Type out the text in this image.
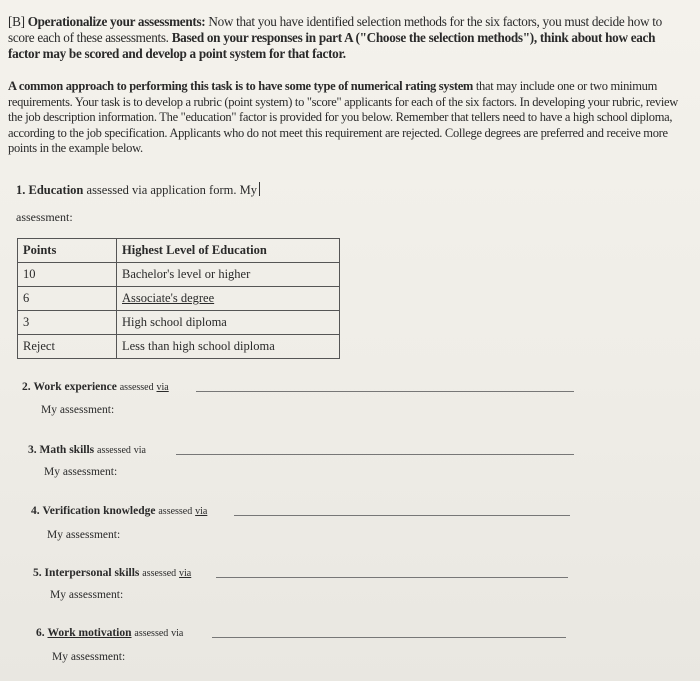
[B] Operationalize your assessments: Now that you have identified selection methods for the six factors, you must decide how to score each of these assessments. Based on your responses in part A ("Choose the selection methods"), think about how each factor may be scored and develop a point system for that factor.
A common approach to performing this task is to have some type of numerical rating system that may include one or two minimum requirements. Your task is to develop a rubric (point system) to "score" applicants for each of the six factors. In developing your rubric, review the job description information. The "education" factor is provided for you below. Remember that tellers need to have a high school diploma, according to the job specification. Applicants who do not meet this requirement are rejected. College degrees are preferred and receive more points in the example below.
1. Education assessed via application form. My
assessment:
Points	Highest Level of Education
10	Bachelor's level or higher
6	Associate's degree
3	High school diploma
Reject	Less than high school diploma
2. Work experience assessed via
My assessment:
3. Math skills assessed via
My assessment:
4. Verification knowledge assessed via
My assessment:
5. Interpersonal skills assessed via
My assessment:
6. Work motivation assessed via
My assessment:
